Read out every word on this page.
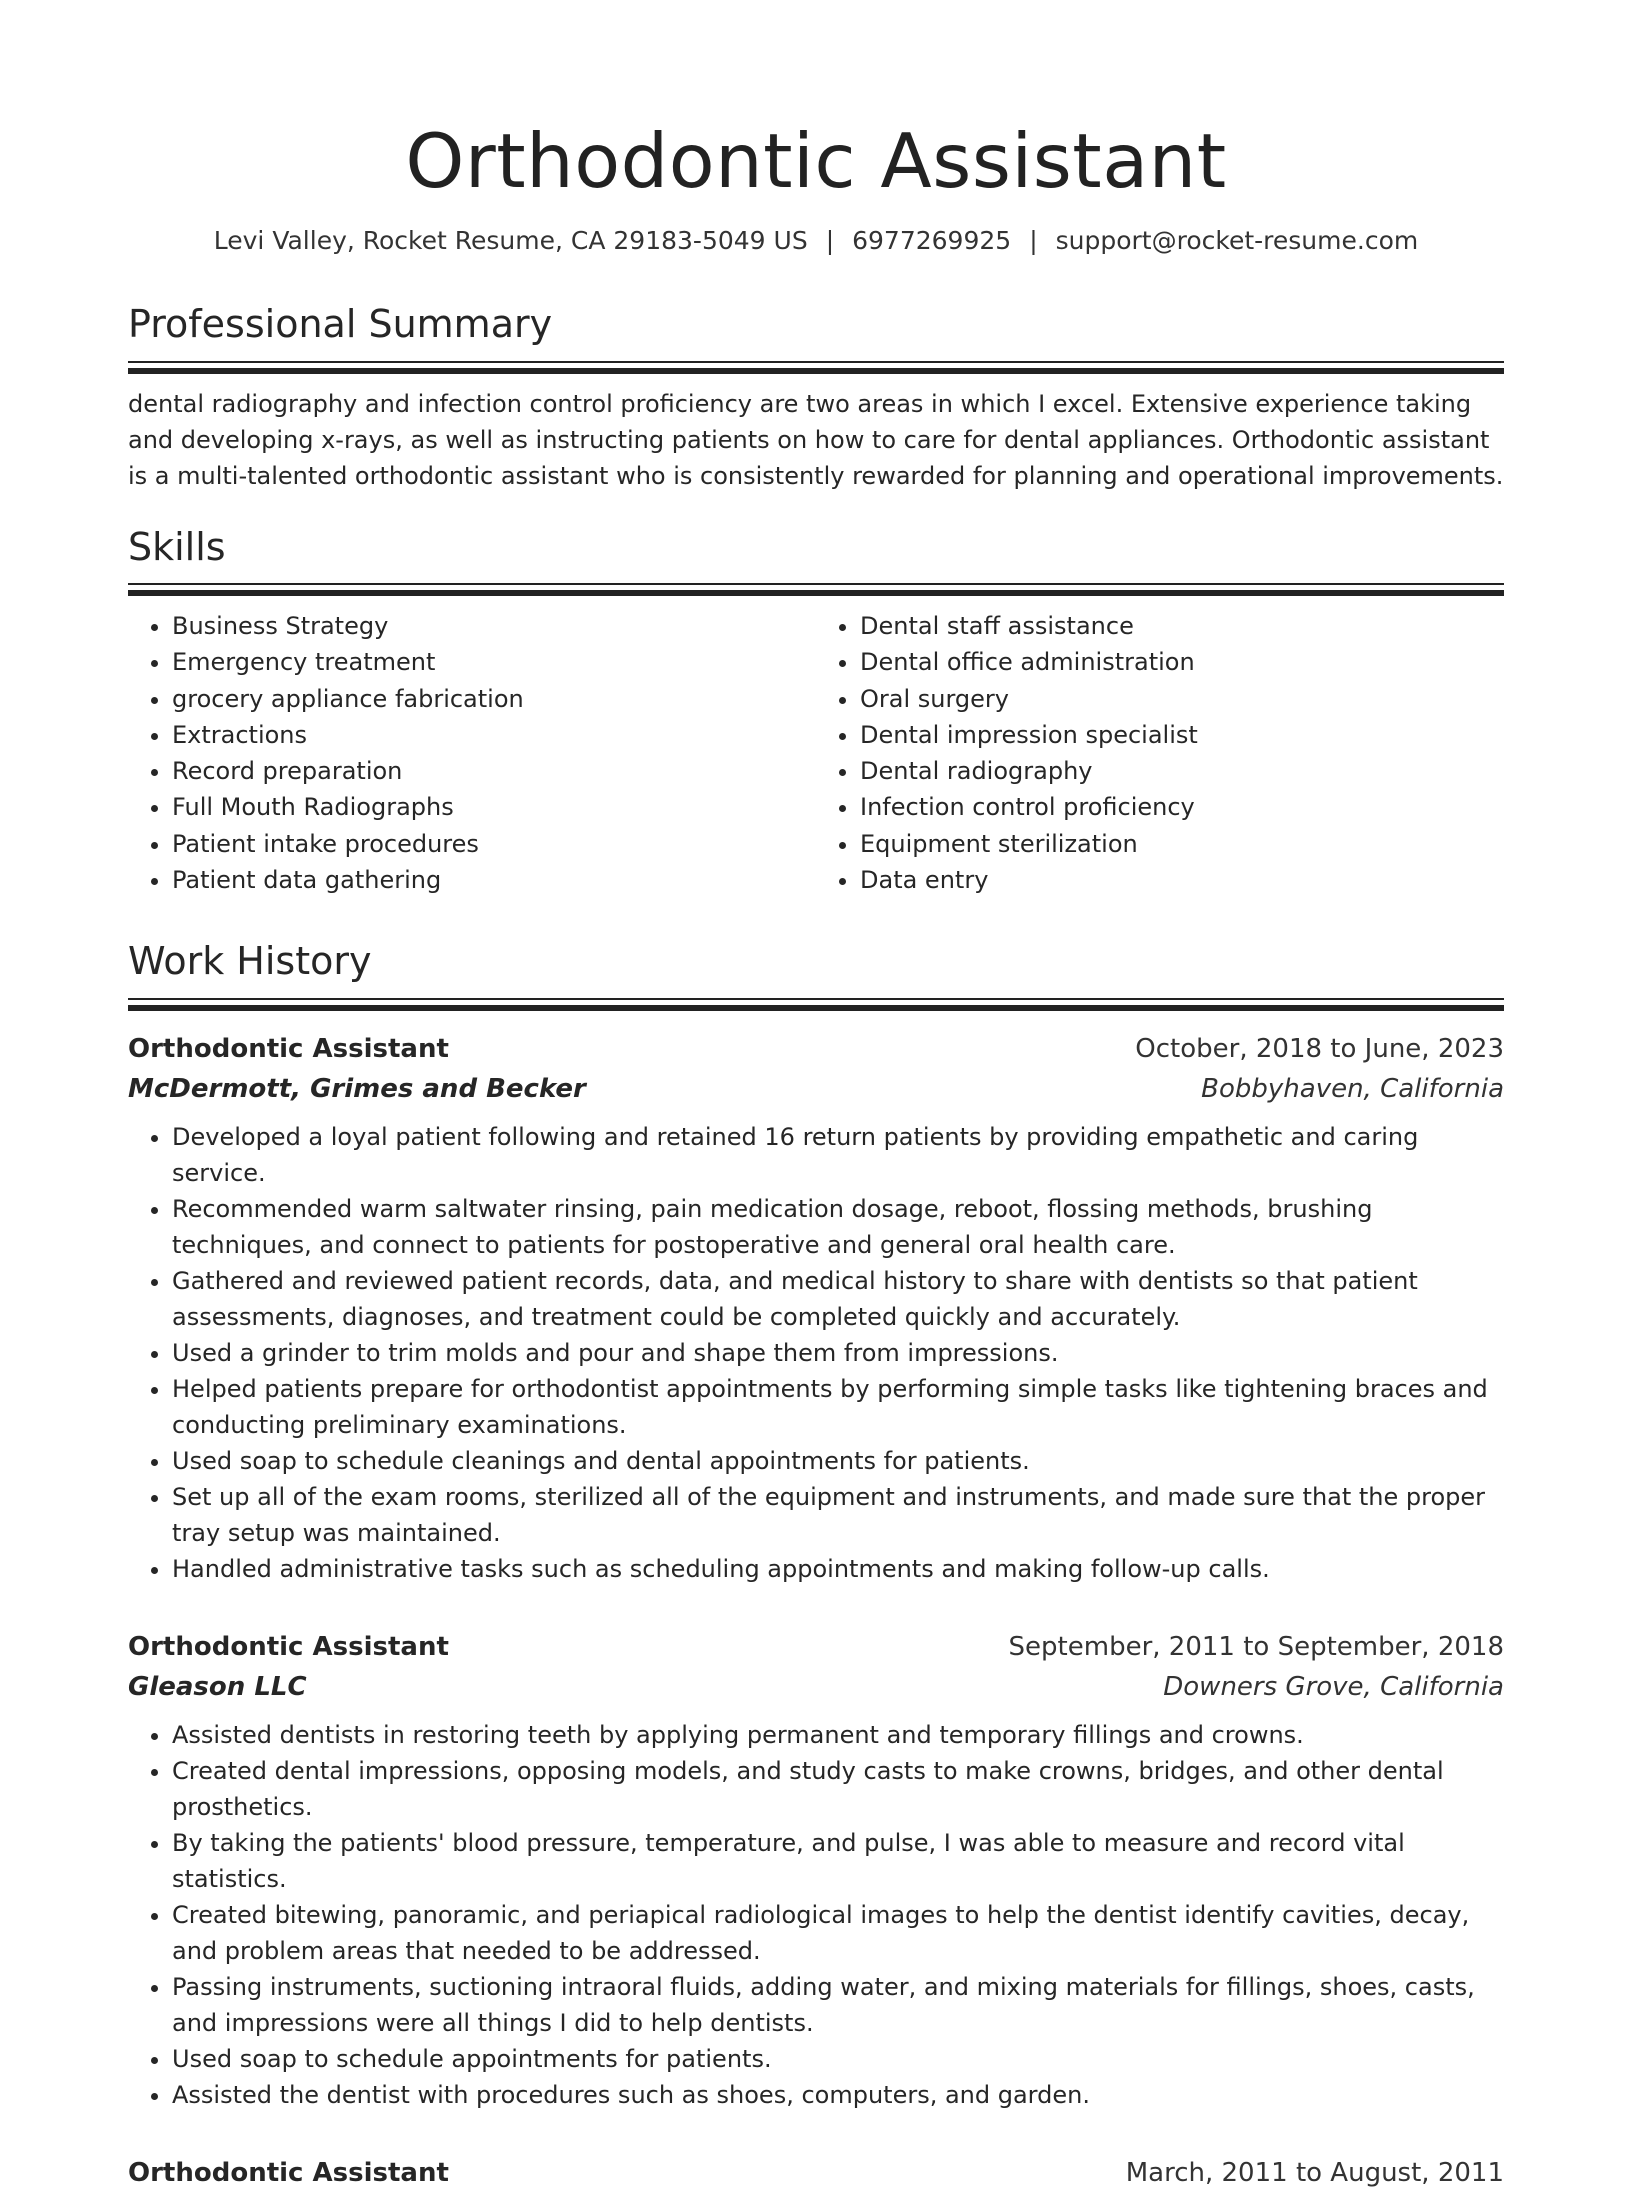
Orthodontic Assistant
Levi Valley, Rocket Resume, CA 29183-5049 US | 6977269925 | support@rocket-resume.com
Professional Summary

dental radiography and infection control proficiency are two areas in which I excel. Extensive experience taking and developing x-rays, as well as instructing patients on how to care for dental appliances. Orthodontic assistant is a multi-talented orthodontic assistant who is consistently rewarded for planning and operational improvements.

Skills
• Business Strategy
• Emergency treatment
• grocery appliance fabrication
• Extractions
• Record preparation
• Full Mouth Radiographs
• Patient intake procedures
• Patient data gathering
• Dental staff assistance
• Dental office administration
• Oral surgery
• Dental impression specialist
• Dental radiography
• Infection control proficiency
• Equipment sterilization
• Data entry
Work History
Orthodontic Assistant	October, 2018 to June, 2023
McDermott, Grimes and Becker	Bobbyhaven, California
• Developed a loyal patient following and retained 16 return patients by providing empathetic and caring service.
• Recommended warm saltwater rinsing, pain medication dosage, reboot, flossing methods, brushing techniques, and connect to patients for postoperative and general oral health care.
• Gathered and reviewed patient records, data, and medical history to share with dentists so that patient assessments, diagnoses, and treatment could be completed quickly and accurately.
• Used a grinder to trim molds and pour and shape them from impressions.
• Helped patients prepare for orthodontist appointments by performing simple tasks like tightening braces and conducting preliminary examinations.
• Used soap to schedule cleanings and dental appointments for patients.
• Set up all of the exam rooms, sterilized all of the equipment and instruments, and made sure that the proper tray setup was maintained.
• Handled administrative tasks such as scheduling appointments and making follow-up calls.
Orthodontic Assistant	September, 2011 to September, 2018
Gleason LLC	Downers Grove, California
• Assisted dentists in restoring teeth by applying permanent and temporary fillings and crowns.
• Created dental impressions, opposing models, and study casts to make crowns, bridges, and other dental prosthetics.
• By taking the patients' blood pressure, temperature, and pulse, I was able to measure and record vital statistics.
• Created bitewing, panoramic, and periapical radiological images to help the dentist identify cavities, decay, and problem areas that needed to be addressed.
• Passing instruments, suctioning intraoral fluids, adding water, and mixing materials for fillings, shoes, casts, and impressions were all things I did to help dentists.
• Used soap to schedule appointments for patients.
• Assisted the dentist with procedures such as shoes, computers, and garden.
Orthodontic Assistant	March, 2011 to August, 2011
